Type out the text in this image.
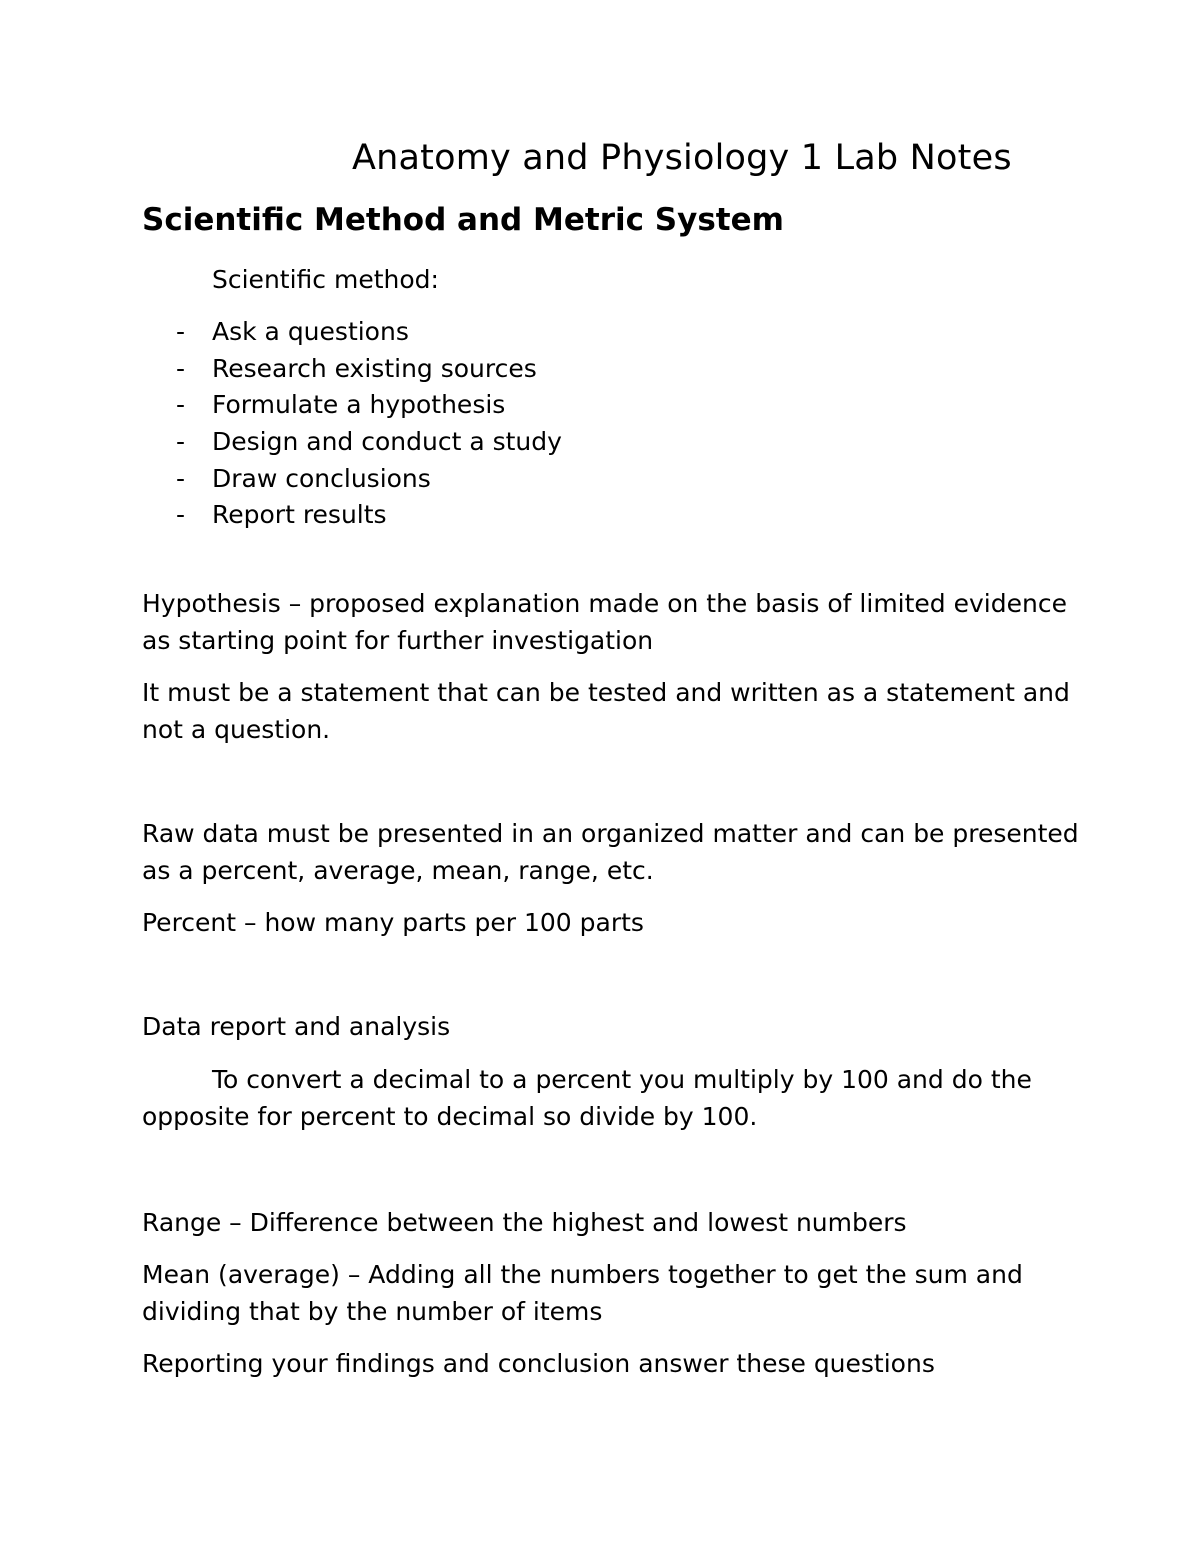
Anatomy and Physiology 1 Lab Notes
Scientific Method and Metric System

Scientific method:

- Ask a questions
- Research existing sources
- Formulate a hypothesis
- Design and conduct a study
- Draw conclusions
- Report results

Hypothesis – proposed explanation made on the basis of limited evidence as starting point for further investigation

It must be a statement that can be tested and written as a statement and not a question.

Raw data must be presented in an organized matter and can be presented as a percent, average, mean, range, etc.

Percent – how many parts per 100 parts

Data report and analysis

To convert a decimal to a percent you multiply by 100 and do the opposite for percent to decimal so divide by 100.

Range – Difference between the highest and lowest numbers

Mean (average) – Adding all the numbers together to get the sum and dividing that by the number of items

Reporting your findings and conclusion answer these questions
